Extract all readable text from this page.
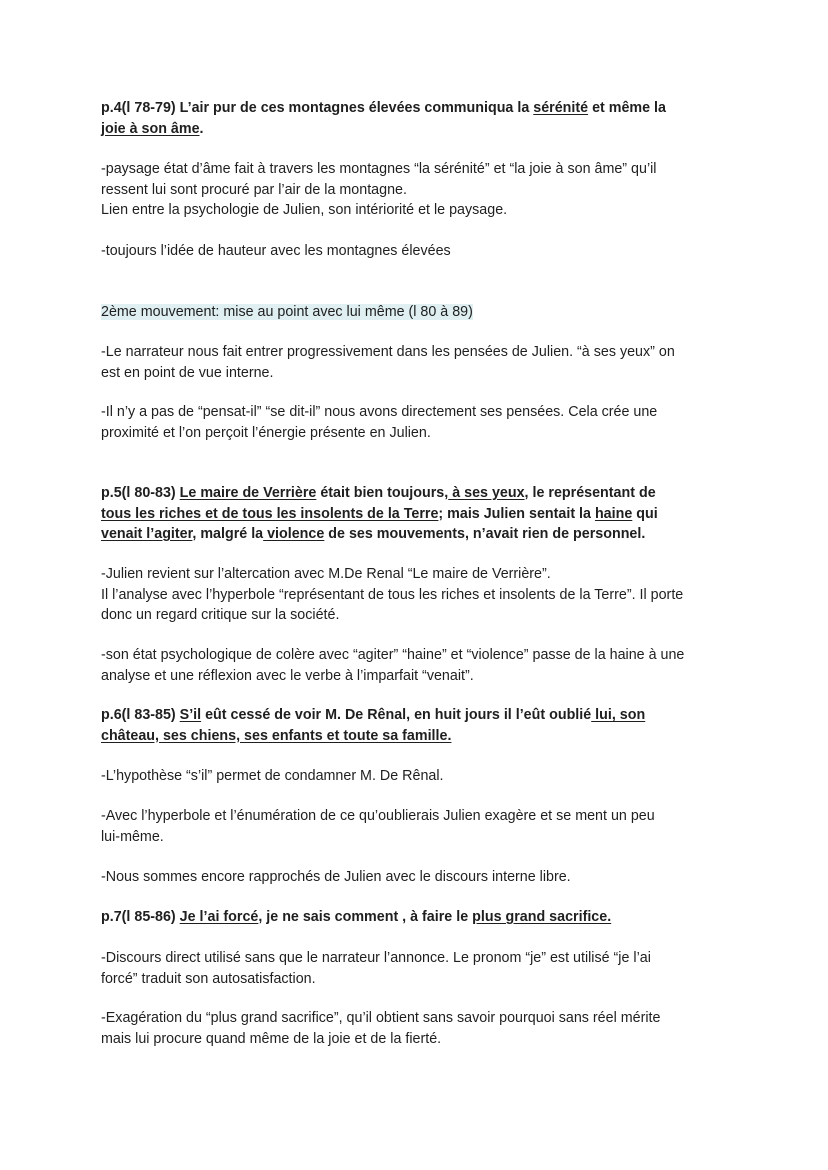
p.4(l 78-79) L’air pur de ces montagnes élevées communiqua la sérénité et même la
joie à son âme.
-paysage état d’âme fait à travers les montagnes “la sérénité” et “la joie à son âme” qu’il
ressent lui sont procuré par l’air de la montagne.
Lien entre la psychologie de Julien, son intériorité et le paysage.
-toujours l’idée de hauteur avec les montagnes élevées
2ème mouvement: mise au point avec lui même (l 80 à 89)
-Le narrateur nous fait entrer progressivement dans les pensées de Julien. “à ses yeux” on
est en point de vue interne.
-Il n’y a pas de “pensat-il” “se dit-il” nous avons directement ses pensées. Cela crée une
proximité et l’on perçoit l’énergie présente en Julien.
p.5(l 80-83) Le maire de Verrière était bien toujours, à ses yeux, le représentant de
tous les riches et de tous les insolents de la Terre; mais Julien sentait la haine qui
venait l’agiter, malgré la violence de ses mouvements, n’avait rien de personnel.
-Julien revient sur l’altercation avec M.De Renal “Le maire de Verrière”.
Il l’analyse avec l’hyperbole “représentant de tous les riches et insolents de la Terre”. Il porte
donc un regard critique sur la société.
-son état psychologique de colère avec “agiter” “haine” et “violence” passe de la haine à une
analyse et une réflexion avec le verbe à l’imparfait “venait”.
p.6(l 83-85) S’il eût cessé de voir M. De Rênal, en huit jours il l’eût oublié lui, son
château, ses chiens, ses enfants et toute sa famille.
-L’hypothèse “s’il” permet de condamner M. De Rênal.
-Avec l’hyperbole et l’énumération de ce qu’oublierais Julien exagère et se ment un peu
lui-même.
-Nous sommes encore rapprochés de Julien avec le discours interne libre.
p.7(l 85-86) Je l’ai forcé, je ne sais comment , à faire le plus grand sacrifice.
-Discours direct utilisé sans que le narrateur l’annonce. Le pronom “je” est utilisé “je l’ai
forcé” traduit son autosatisfaction.
-Exagération du “plus grand sacrifice”, qu’il obtient sans savoir pourquoi sans réel mérite
mais lui procure quand même de la joie et de la fierté.
